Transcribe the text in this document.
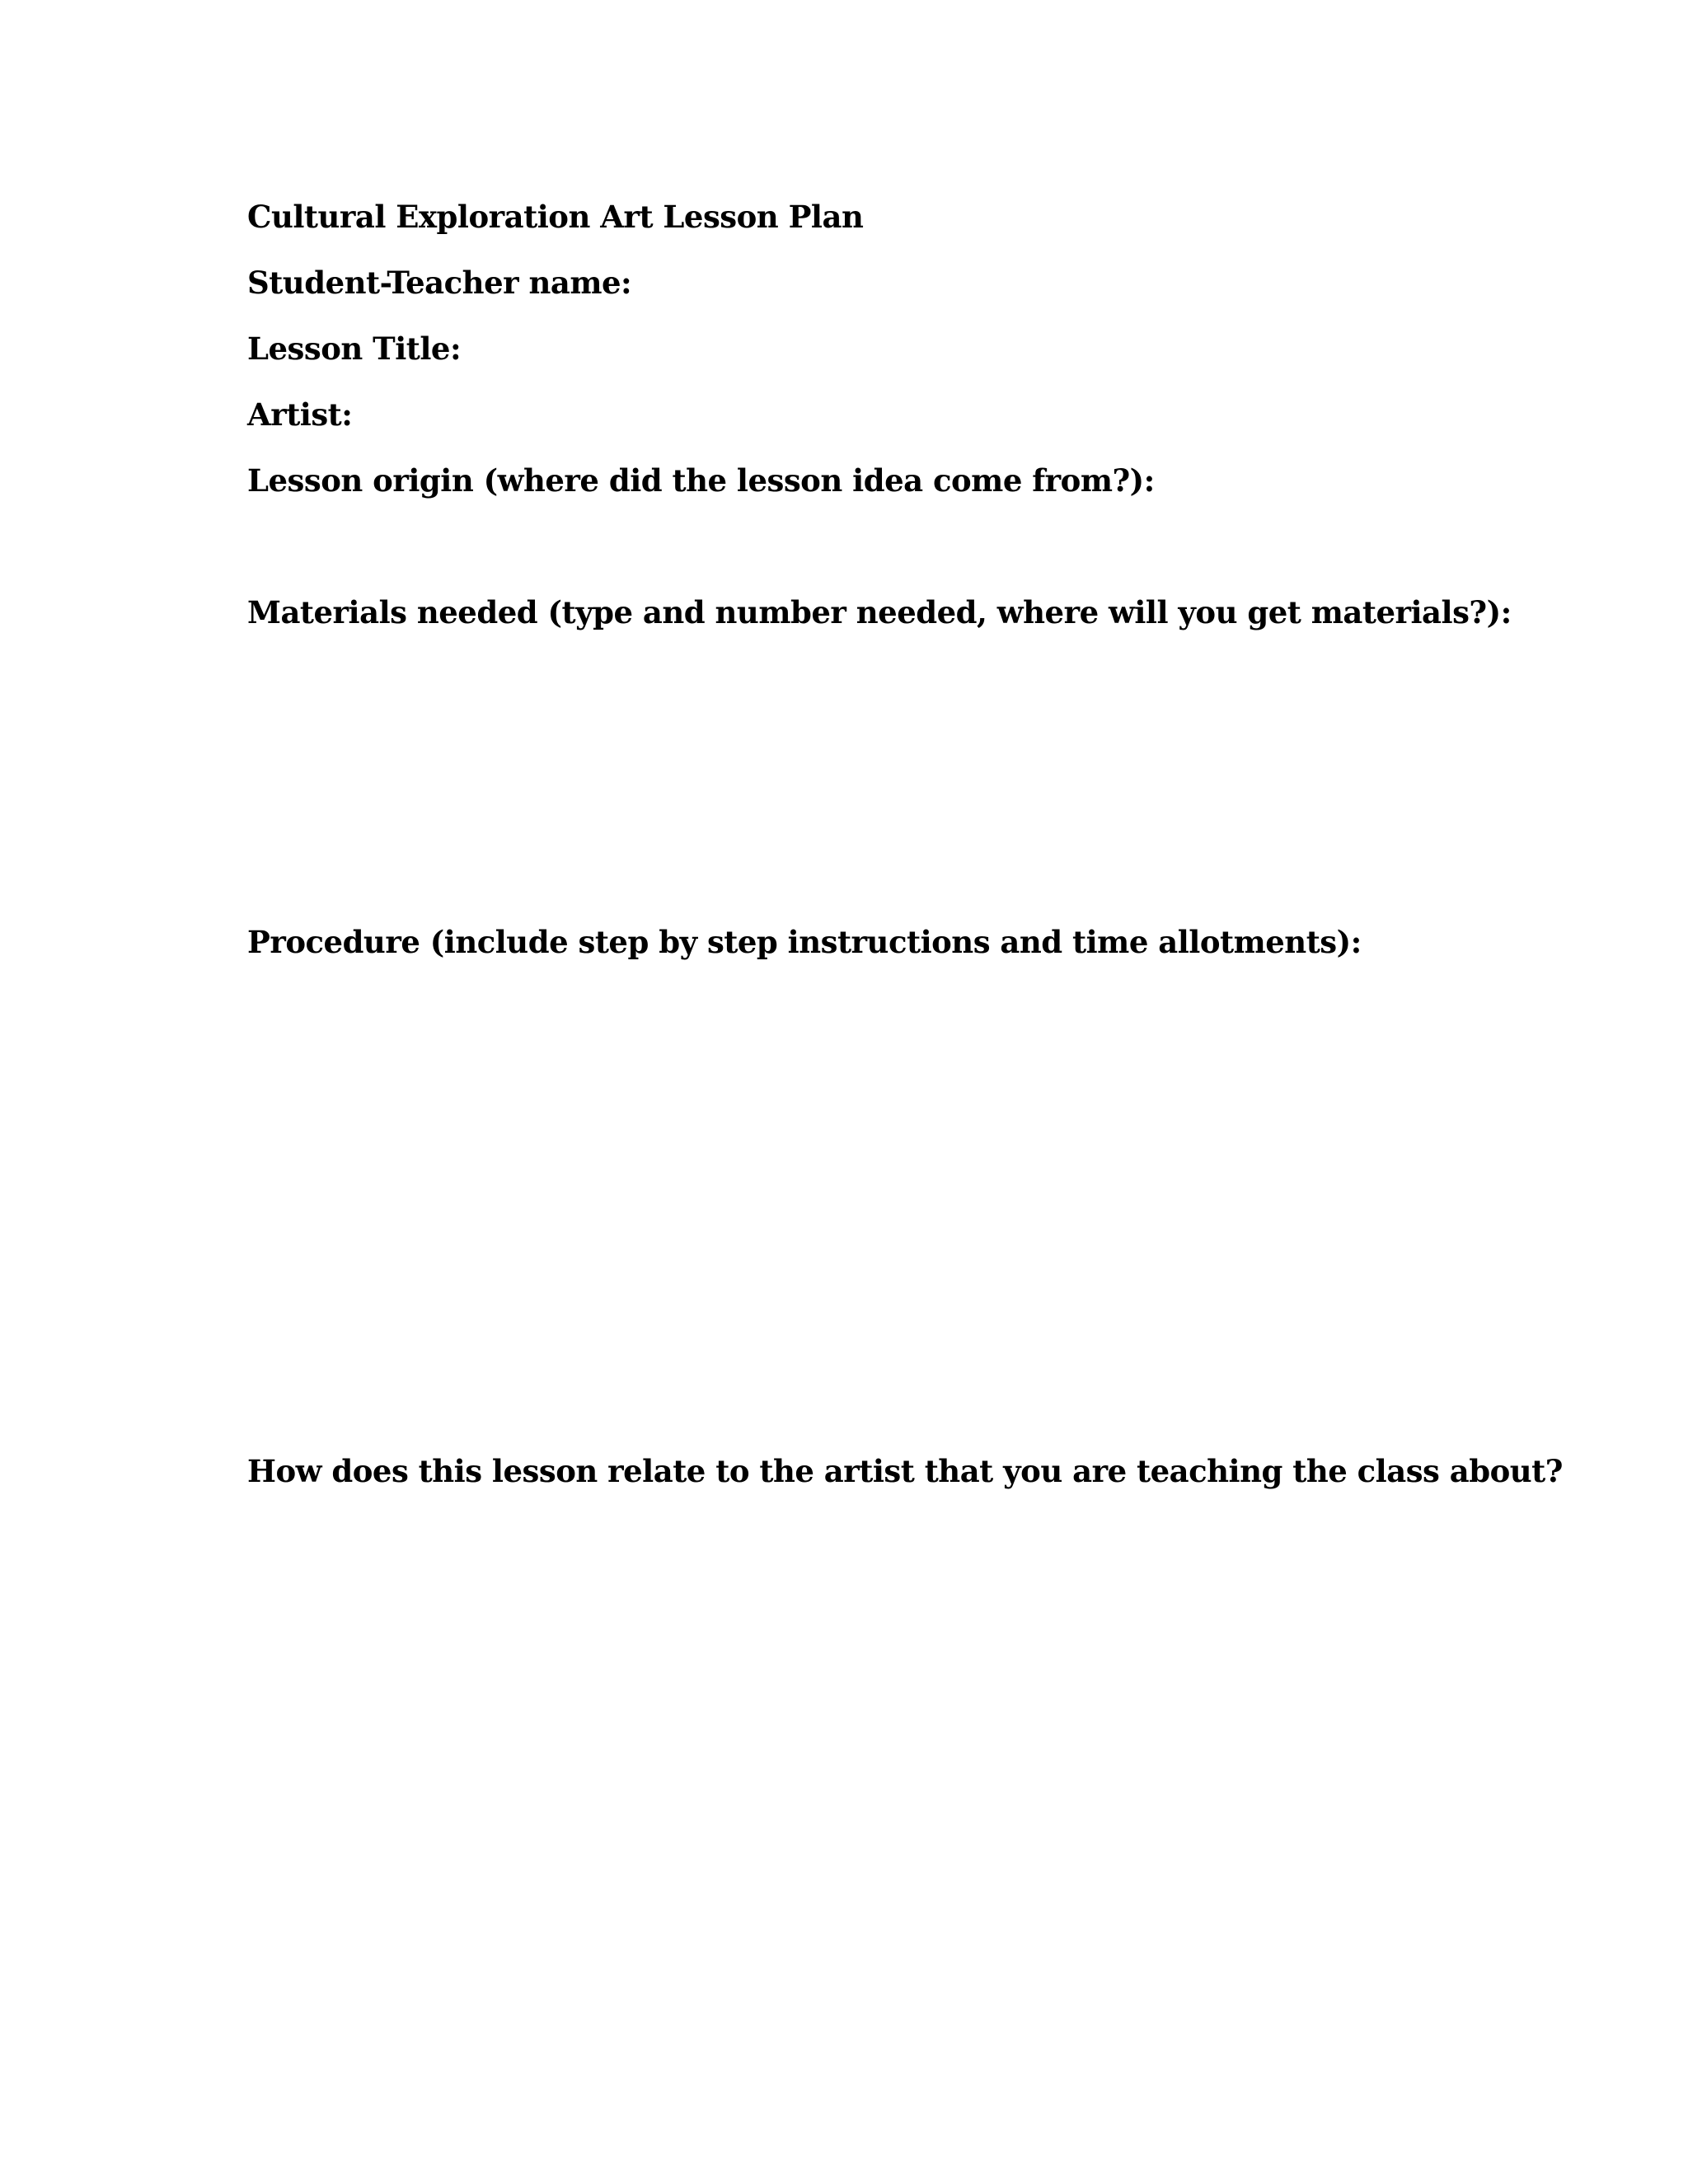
Cultural Exploration Art Lesson Plan

Student-Teacher name:

Lesson Title:

Artist:

Lesson origin (where did the lesson idea come from?):

Materials needed (type and number needed, where will you get materials?):

Procedure (include step by step instructions and time allotments):

How does this lesson relate to the artist that you are teaching the class about?
